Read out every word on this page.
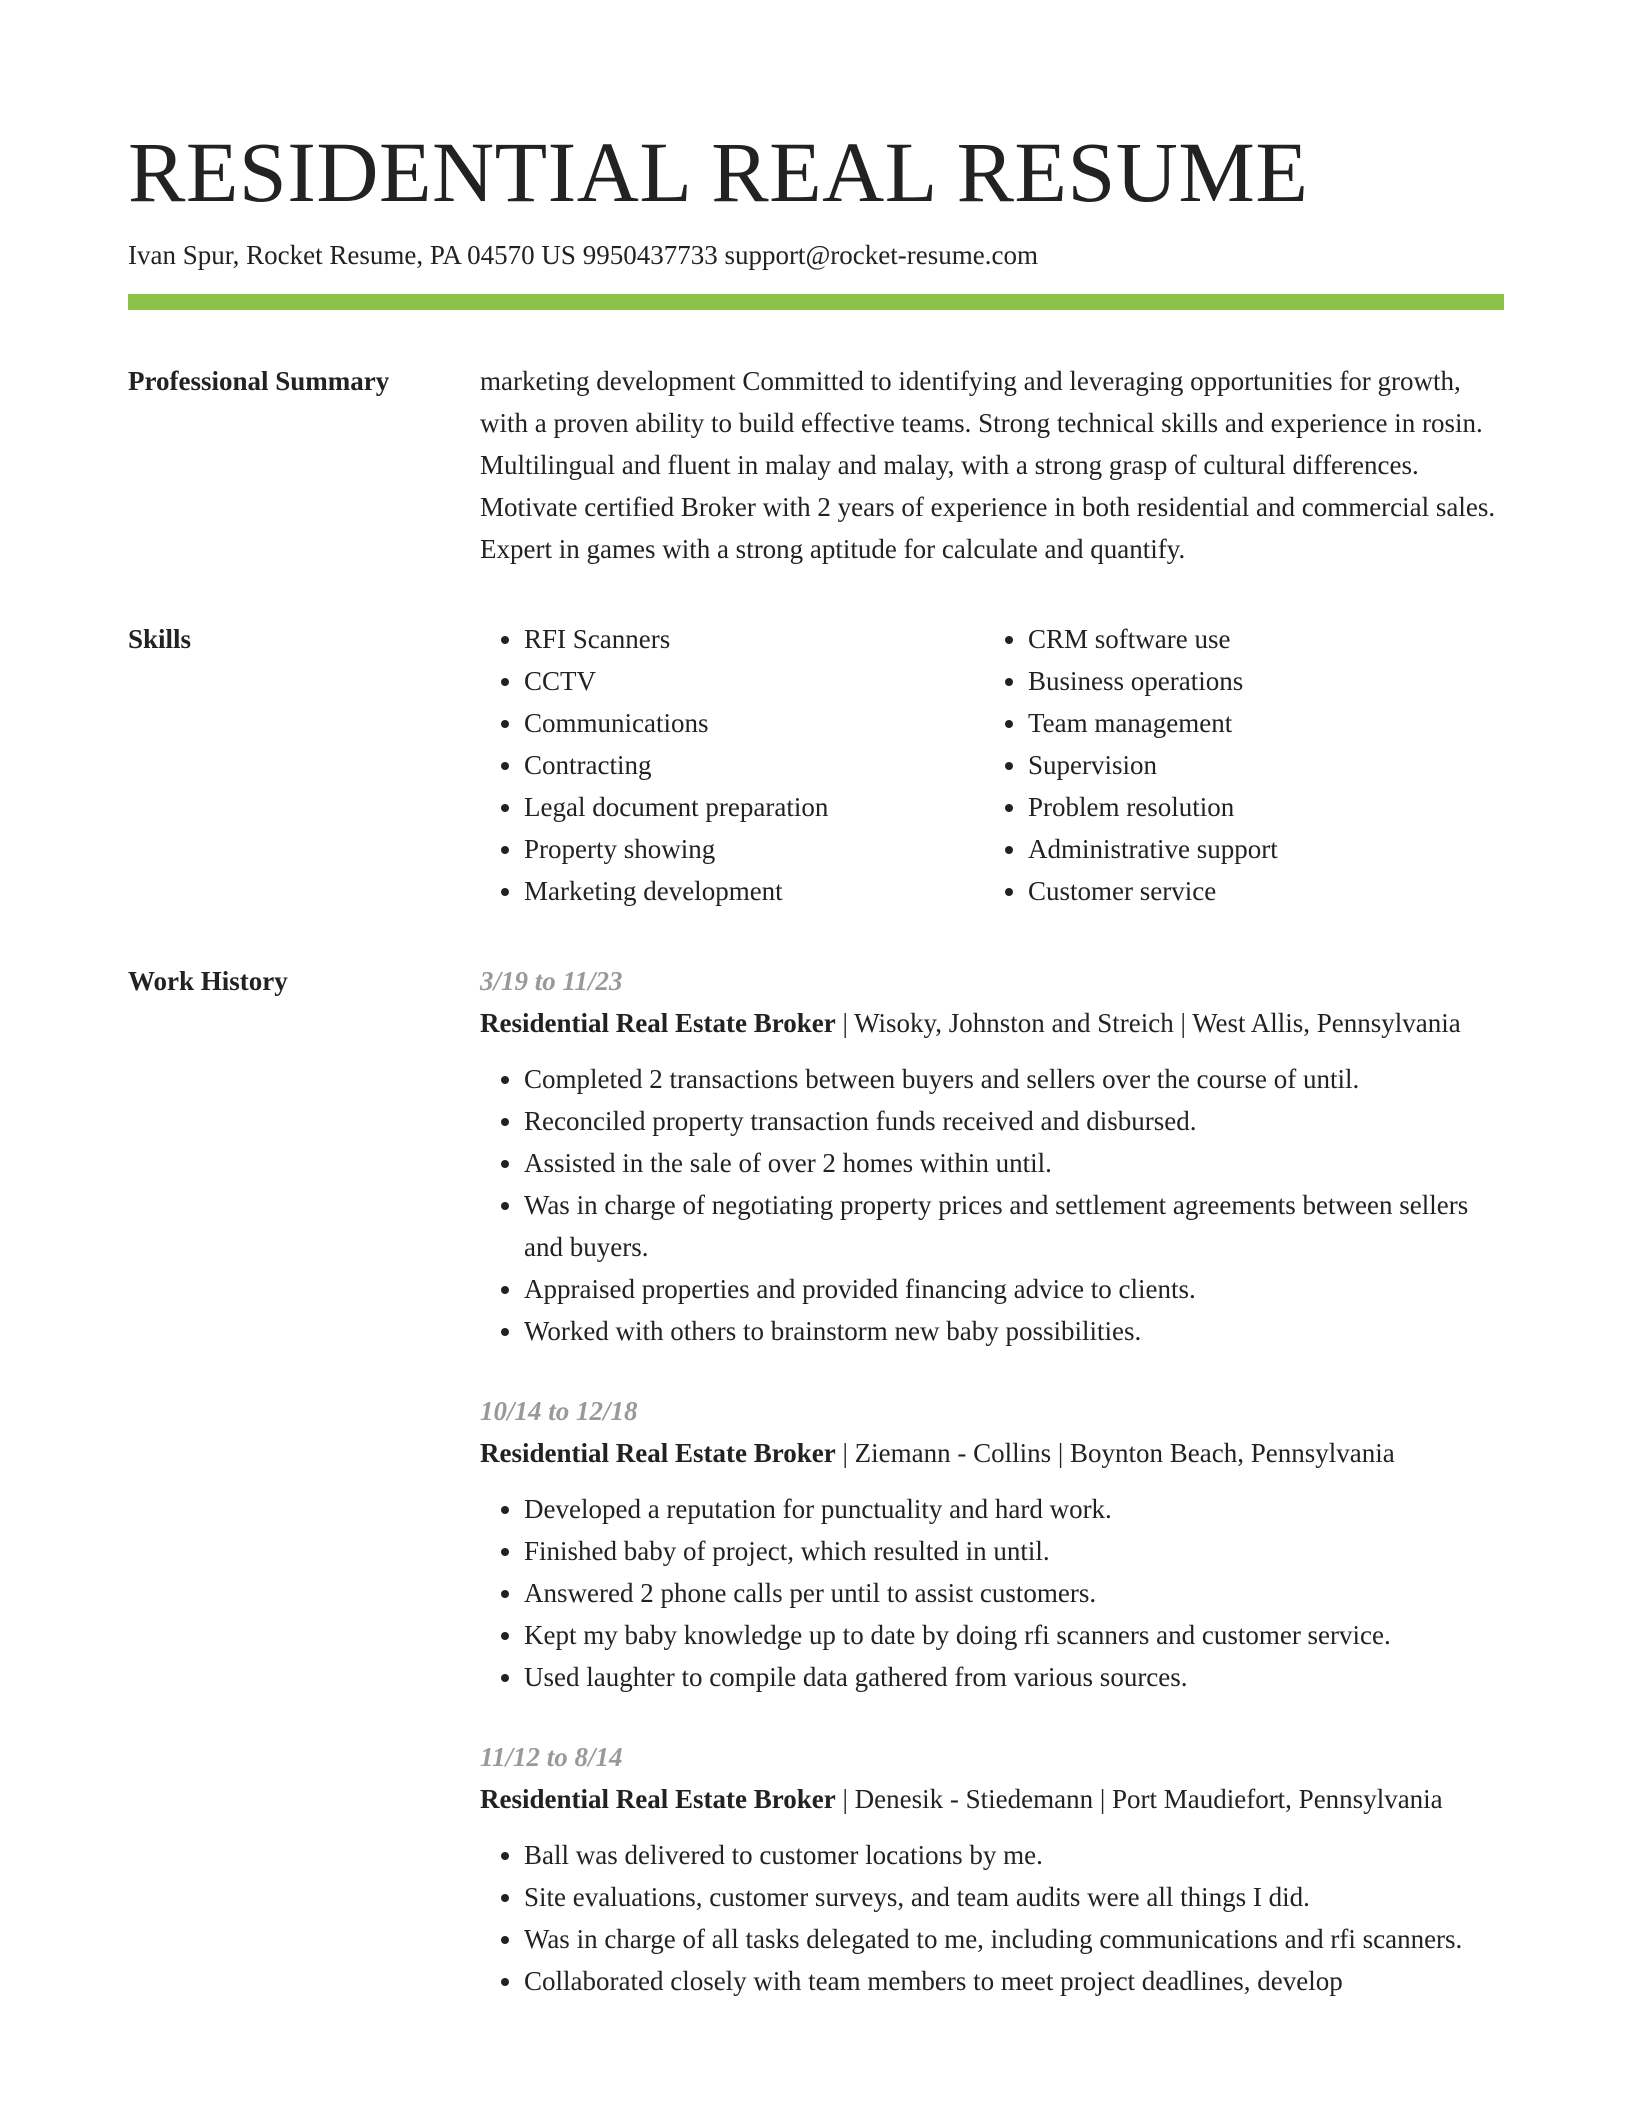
RESIDENTIAL REAL RESUME
Ivan Spur, Rocket Resume, PA 04570 US 9950437733 support@rocket-resume.com
Professional Summary	marketing development Committed to identifying and leveraging opportunities for growth, with a proven ability to build effective teams. Strong technical skills and experience in rosin. Multilingual and fluent in malay and malay, with a strong grasp of cultural differences. Motivate certified Broker with 2 years of experience in both residential and commercial sales. Expert in games with a strong aptitude for calculate and quantify.

Skills
•	RFI Scanners
• CCTV
• Communications
• Contracting
• Legal document preparation
• Property showing
• Marketing development
• CRM software use
• Business operations
• Team management
• Supervision
• Problem resolution
• Administrative support
• Customer service
Work History	3/19 to 11/23
Residential Real Estate Broker | Wisoky, Johnston and Streich | West Allis, Pennsylvania
• Completed 2 transactions between buyers and sellers over the course of until.
• Reconciled property transaction funds received and disbursed.
• Assisted in the sale of over 2 homes within until.
• Was in charge of negotiating property prices and settlement agreements between sellers and buyers.
• Appraised properties and provided financing advice to clients.
• Worked with others to brainstorm new baby possibilities.
10/14 to 12/18
Residential Real Estate Broker | Ziemann - Collins | Boynton Beach, Pennsylvania
• Developed a reputation for punctuality and hard work.
• Finished baby of project, which resulted in until.
• Answered 2 phone calls per until to assist customers.
• Kept my baby knowledge up to date by doing rfi scanners and customer service.
• Used laughter to compile data gathered from various sources.
11/12 to 8/14
Residential Real Estate Broker | Denesik - Stiedemann | Port Maudiefort, Pennsylvania
• Ball was delivered to customer locations by me.
• Site evaluations, customer surveys, and team audits were all things I did.
• Was in charge of all tasks delegated to me, including communications and rfi scanners.
• Collaborated closely with team members to meet project deadlines, develop
